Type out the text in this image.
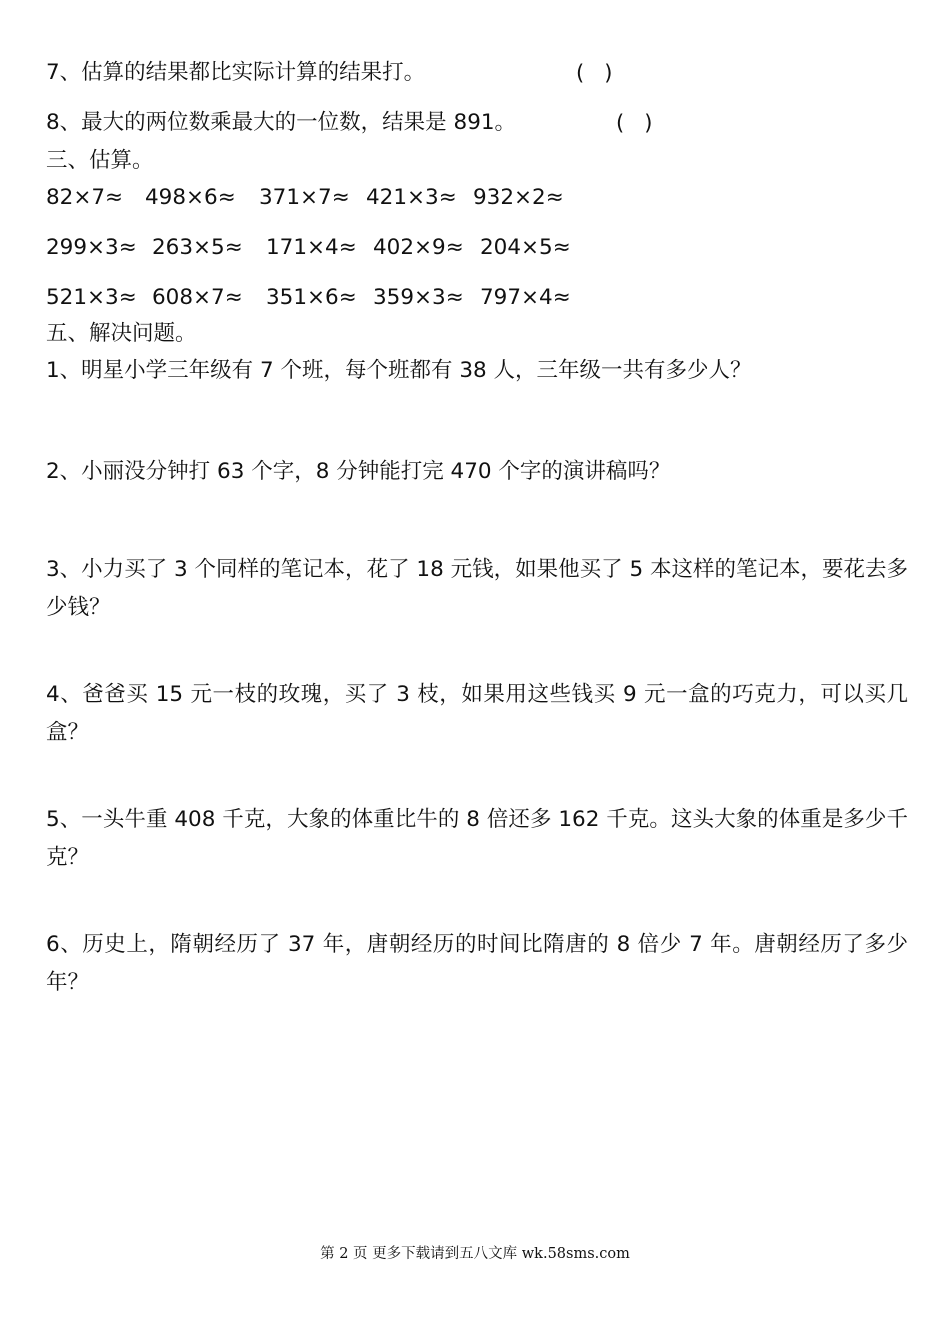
7、估算的结果都比实际计算的结果打。	(   )
8、最大的两位数乘最大的一位数，结果是 891。	(   )
三、估算。
82×7≈ 498×6≈ 371×7≈ 421×3≈ 932×2≈
299×3≈ 263×5≈ 171×4≈ 402×9≈ 204×5≈
521×3≈ 608×7≈ 351×6≈ 359×3≈ 797×4≈
五、解决问题。
1、明星小学三年级有 7 个班，每个班都有 38 人，三年级一共有多少人？
2、小丽没分钟打 63 个字，8 分钟能打完 470 个字的演讲稿吗？
3、小力买了 3 个同样的笔记本，花了 18 元钱，如果他买了 5 本这样的笔记本，要花去多少钱？
4、爸爸买 15 元一枝的玫瑰，买了 3 枝，如果用这些钱买 9 元一盒的巧克力，可以买几盒？
5、一头牛重 408 千克，大象的体重比牛的 8 倍还多 162 千克。这头大象的体重是多少千克？
6、历史上，隋朝经历了 37 年，唐朝经历的时间比隋唐的 8 倍少 7 年。唐朝经历了多少年？
第 2 页 更多下载请到五八文库 wk.58sms.com
